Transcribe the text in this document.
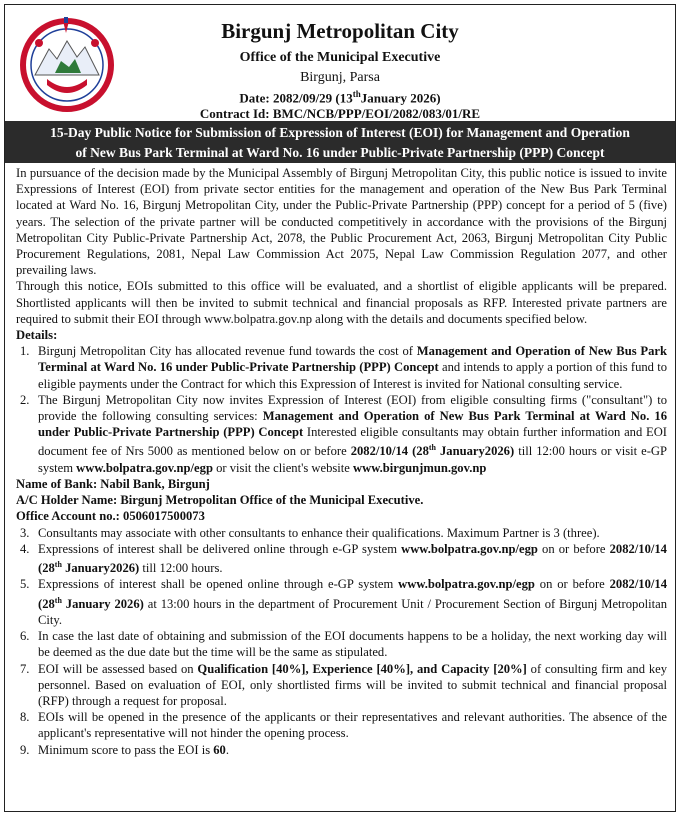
Birgunj Metropolitan City
Office of the Municipal Executive
Birgunj, Parsa
Date: 2082/09/29 (13thJanuary 2026)
Contract Id: BMC/NCB/PPP/EOI/2082/083/01/RE
15-Day Public Notice for Submission of Expression of Interest (EOI) for Management and Operation
of New Bus Park Terminal at Ward No. 16 under Public-Private Partnership (PPP) Concept

In pursuance of the decision made by the Municipal Assembly of Birgunj Metropolitan City, this public notice is issued to invite Expressions of Interest (EOI) from private sector entities for the management and operation of the New Bus Park Terminal located at Ward No. 16, Birgunj Metropolitan City, under the Public-Private Partnership (PPP) concept for a period of 5 (five) years. The selection of the private partner will be conducted competitively in accordance with the provisions of the Birgunj Metropolitan City Public-Private Partnership Act, 2078, the Public Procurement Act, 2063, Birgunj Metropolitan City Public Procurement Regulations, 2081, Nepal Law Commission Act 2075, Nepal Law Commission Regulation 2077, and other prevailing laws.

Through this notice, EOIs submitted to this office will be evaluated, and a shortlist of eligible applicants will be prepared. Shortlisted applicants will then be invited to submit technical and financial proposals as RFP. Interested private partners are required to submit their EOI through www.bolpatra.gov.np along with the details and documents specified below.

Details:

1. Birgunj Metropolitan City has allocated revenue fund towards the cost of Management and Operation of New Bus Park Terminal at Ward No. 16 under Public-Private Partnership (PPP) Concept and intends to apply a portion of this fund to eligible payments under the Contract for which this Expression of Interest is invited for National consulting service.
2. The Birgunj Metropolitan City now invites Expression of Interest (EOI) from eligible consulting firms ("consultant") to provide the following consulting services: Management and Operation of New Bus Park Terminal at Ward No. 16 under Public-Private Partnership (PPP) Concept Interested eligible consultants may obtain further information and EOI document fee of Nrs 5000 as mentioned below on or before 2082/10/14 (28th January2026) till 12:00 hours or visit e-GP system www.bolpatra.gov.np/egp or visit the client's website www.birgunjmun.gov.np

Name of Bank: Nabil Bank, Birgunj

A/C Holder Name: Birgunj Metropolitan Office of the Municipal Executive.

Office Account no.: 0506017500073

3. Consultants may associate with other consultants to enhance their qualifications. Maximum Partner is 3 (three).
4. Expressions of interest shall be delivered online through e-GP system www.bolpatra.gov.np/egp on or before 2082/10/14 (28th January2026) till 12:00 hours.
5. Expressions of interest shall be opened online through e-GP system www.bolpatra.gov.np/egp on or before 2082/10/14 (28th January 2026) at 13:00 hours in the department of Procurement Unit / Procurement Section of Birgunj Metropolitan City.
6. In case the last date of obtaining and submission of the EOI documents happens to be a holiday, the next working day will be deemed as the due date but the time will be the same as stipulated.
7. EOI will be assessed based on Qualification [40%], Experience [40%], and Capacity [20%] of consulting firm and key personnel. Based on evaluation of EOI, only shortlisted firms will be invited to submit technical and financial proposal (RFP) through a request for proposal.
8. EOIs will be opened in the presence of the applicants or their representatives and relevant authorities. The absence of the applicant's representative will not hinder the opening process.
9. Minimum score to pass the EOI is 60.
